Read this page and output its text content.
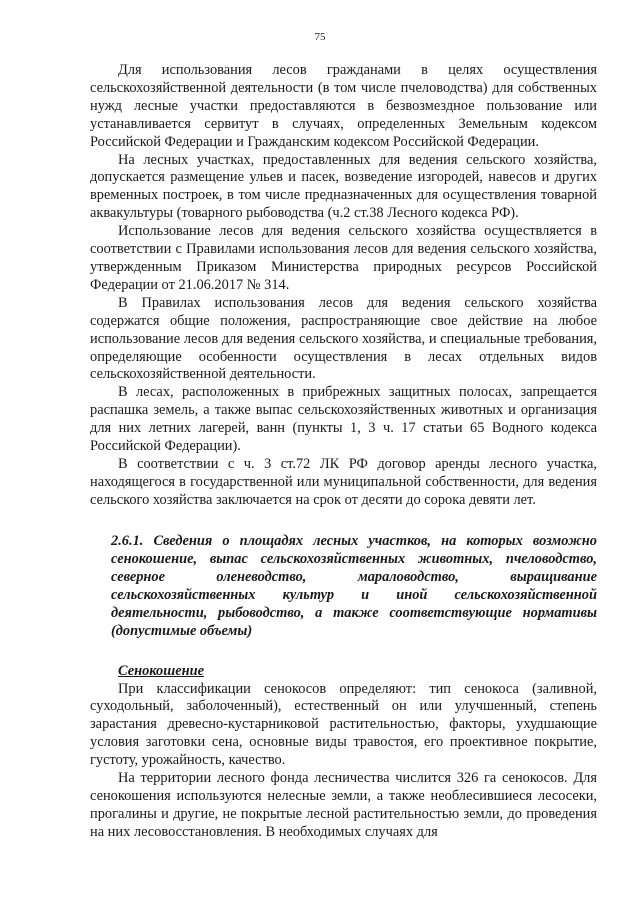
75

Для использования лесов гражданами в целях осуществления сельскохозяйственной деятельности (в том числе пчеловодства) для собственных нужд лесные участки предоставляются в безвозмездное пользование или устанавливается сервитут в случаях, определенных Земельным кодексом Российской Федерации и Гражданским кодексом Российской Федерации.

На лесных участках, предоставленных для ведения сельского хозяйства, допускается размещение ульев и пасек, возведение изгородей, навесов и других временных построек, в том числе предназначенных для осуществления товарной аквакультуры (товарного рыбоводства (ч.2 ст.38 Лесного кодекса РФ).

Использование лесов для ведения сельского хозяйства осуществляется в соответствии с Правилами использования лесов для ведения сельского хозяйства, утвержденным Приказом Министерства природных ресурсов Российской Федерации от 21.06.2017 № 314.

В Правилах использования лесов для ведения сельского хозяйства содержатся общие положения, распространяющие свое действие на любое использование лесов для ведения сельского хозяйства, и специальные требования, определяющие особенности осуществления в лесах отдельных видов сельскохозяйственной деятельности.

В лесах, расположенных в прибрежных защитных полосах, запрещается распашка земель, а также выпас сельскохозяйственных животных и организация для них летних лагерей, ванн (пункты 1, 3 ч. 17 статьи 65 Водного кодекса Российской Федерации).

В соответствии с ч. 3 ст.72 ЛК РФ договор аренды лесного участка, находящегося в государственной или муниципальной собственности, для ведения сельского хозяйства заключается на срок от десяти до сорока девяти лет.

2.6.1. Сведения о площадях лесных участков, на которых возможно сенокошение, выпас сельскохозяйственных животных, пчеловодство, северное оленеводство, мараловодство, выращивание сельскохозяйственных культур и иной сельскохозяйственной деятельности, рыбоводство, а также соответствующие нормативы (допустимые объемы)
Сенокошение

При классификации сенокосов определяют: тип сенокоса (заливной, суходольный, заболоченный), естественный он или улучшенный, степень зарастания древесно-кустарниковой растительностью, факторы, ухудшающие условия заготовки сена, основные виды травостоя, его проективное покрытие, густоту, урожайность, качество.

На территории лесного фонда лесничества числится 326 га сенокосов. Для сенокошения используются нелесные земли, а также необлесившиеся лесосеки, прогалины и другие, не покрытые лесной растительностью земли, до проведения на них лесовосстановления. В необходимых случаях для
